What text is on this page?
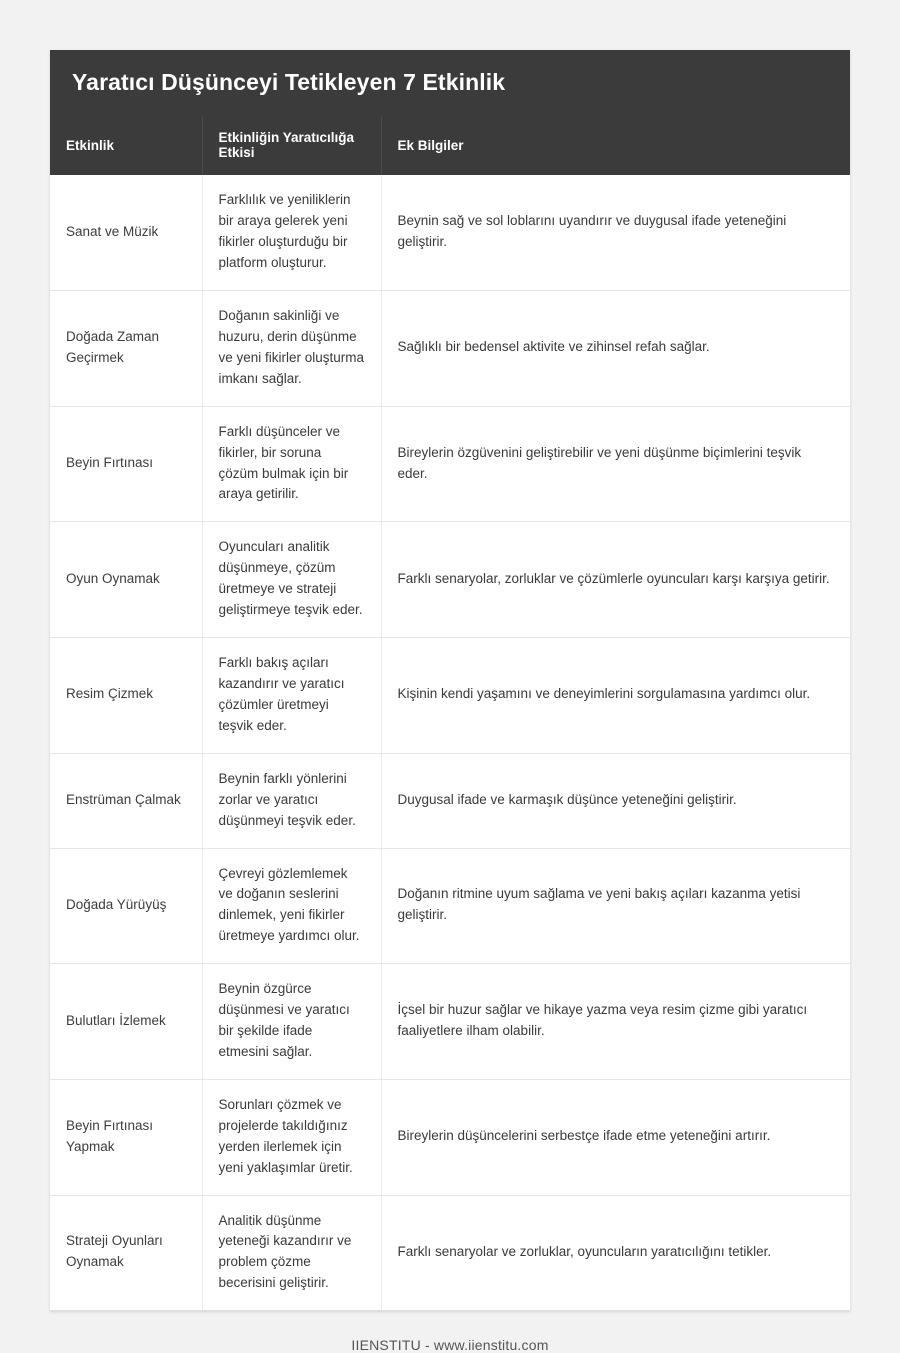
Yaratıcı Düşünceyi Tetikleyen 7 Etkinlik
Etkinlik	Etkinliğin Yaratıcılığa Etkisi	Ek Bilgiler
Sanat ve Müzik	Farklılık ve yeniliklerin bir araya gelerek yeni fikirler oluşturduğu bir platform oluşturur.	Beynin sağ ve sol loblarını uyandırır ve duygusal ifade yeteneğini geliştirir.
Doğada Zaman Geçirmek	Doğanın sakinliği ve huzuru, derin düşünme ve yeni fikirler oluşturma imkanı sağlar.	Sağlıklı bir bedensel aktivite ve zihinsel refah sağlar.
Beyin Fırtınası	Farklı düşünceler ve fikirler, bir soruna çözüm bulmak için bir araya getirilir.	Bireylerin özgüvenini geliştirebilir ve yeni düşünme biçimlerini teşvik eder.
Oyun Oynamak	Oyuncuları analitik düşünmeye, çözüm üretmeye ve strateji geliştirmeye teşvik eder.	Farklı senaryolar, zorluklar ve çözümlerle oyuncuları karşı karşıya getirir.
Resim Çizmek	Farklı bakış açıları kazandırır ve yaratıcı çözümler üretmeyi teşvik eder.	Kişinin kendi yaşamını ve deneyimlerini sorgulamasına yardımcı olur.
Enstrüman Çalmak	Beynin farklı yönlerini zorlar ve yaratıcı düşünmeyi teşvik eder.	Duygusal ifade ve karmaşık düşünce yeteneğini geliştirir.
Doğada Yürüyüş	Çevreyi gözlemlemek ve doğanın seslerini dinlemek, yeni fikirler üretmeye yardımcı olur.	Doğanın ritmine uyum sağlama ve yeni bakış açıları kazanma yetisi geliştirir.
Bulutları İzlemek	Beynin özgürce düşünmesi ve yaratıcı bir şekilde ifade etmesini sağlar.	İçsel bir huzur sağlar ve hikaye yazma veya resim çizme gibi yaratıcı faaliyetlere ilham olabilir.
Beyin Fırtınası Yapmak	Sorunları çözmek ve projelerde takıldığınız yerden ilerlemek için yeni yaklaşımlar üretir.	Bireylerin düşüncelerini serbestçe ifade etme yeteneğini artırır.
Strateji Oyunları Oynamak	Analitik düşünme yeteneği kazandırır ve problem çözme becerisini geliştirir.	Farklı senaryolar ve zorluklar, oyuncuların yaratıcılığını tetikler.
IIENSTITU - www.iienstitu.com
